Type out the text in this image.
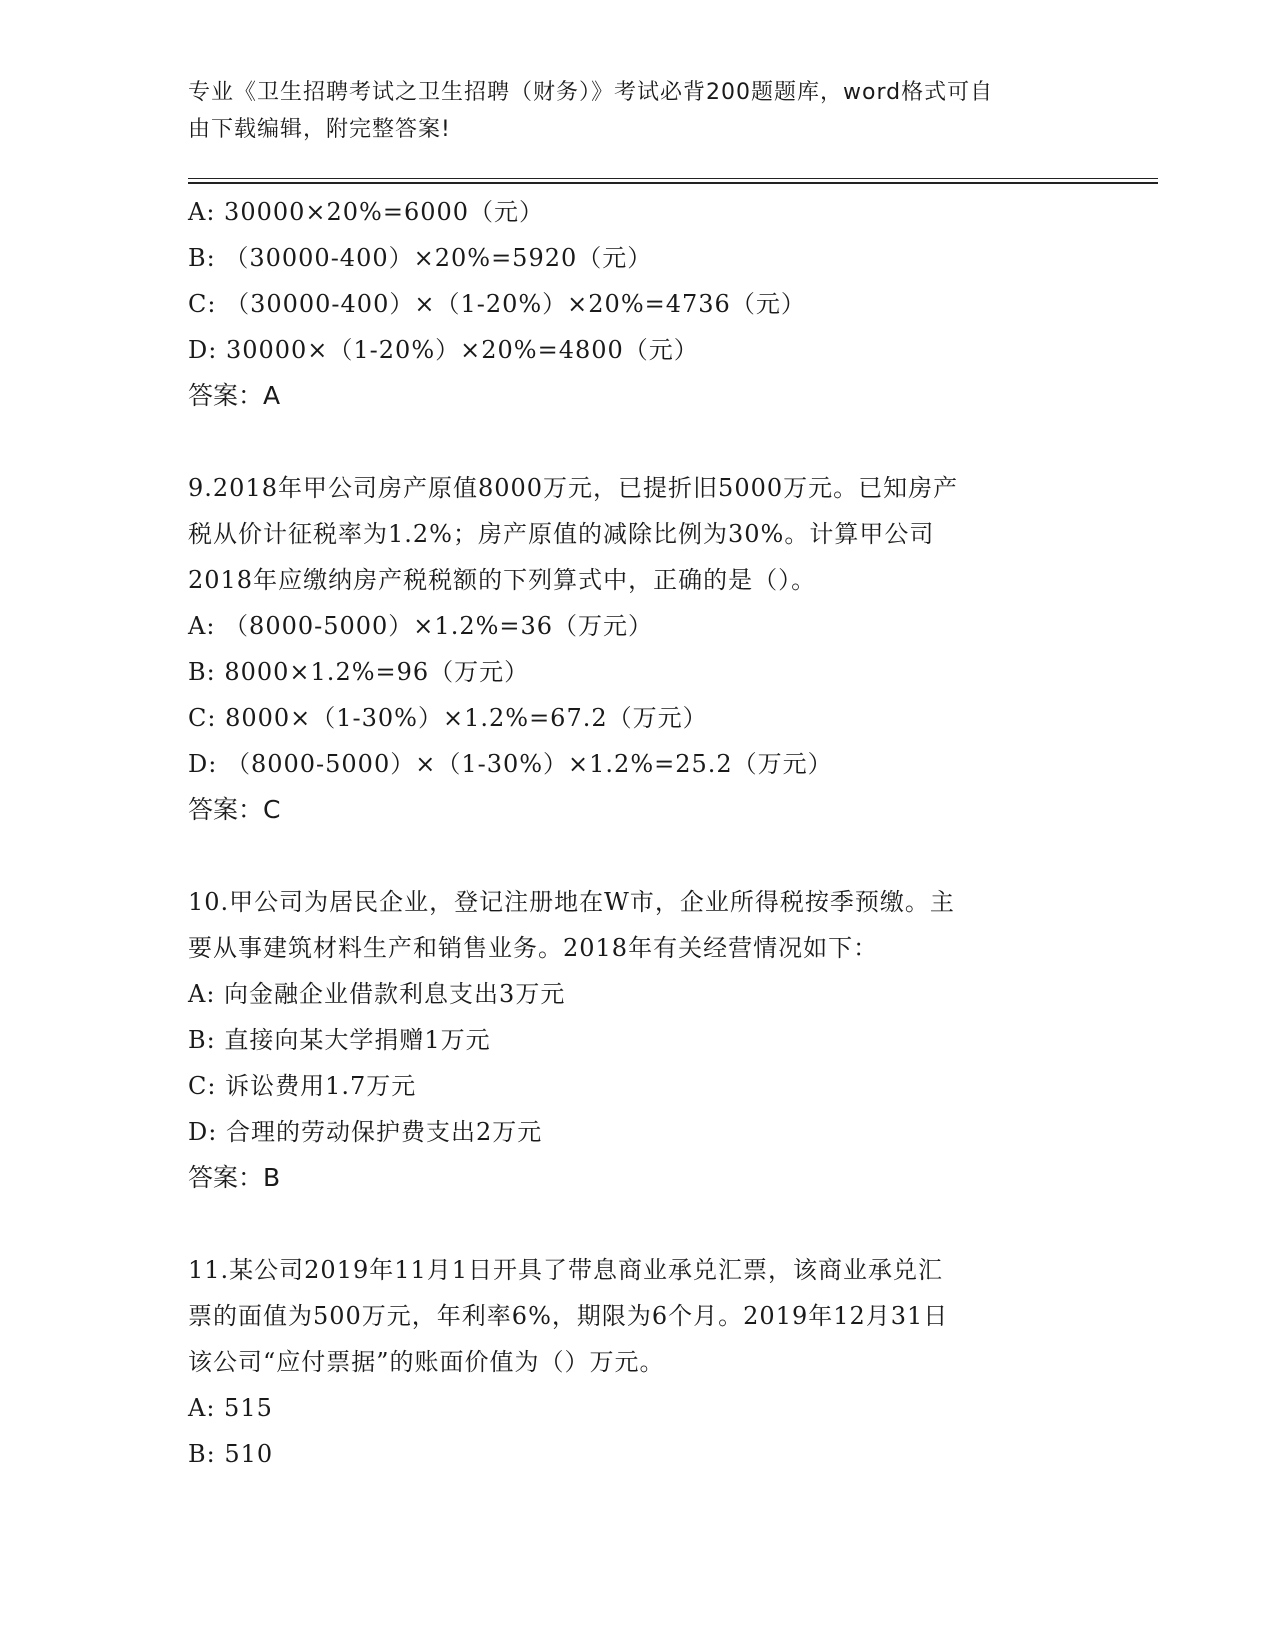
专业《卫生招聘考试之卫生招聘（财务）》考试必背200题题库，word格式可自
由下载编辑，附完整答案!
A: 30000×20%=6000（元）
B: （30000-400）×20%=5920（元）
C: （30000-400）×（1-20%）×20%=4736（元）
D: 30000×（1-20%）×20%=4800（元）
答案：A
9.2018年甲公司房产原值8000万元，已提折旧5000万元。已知房产
税从价计征税率为1.2%；房产原值的减除比例为30%。计算甲公司
2018年应缴纳房产税税额的下列算式中，正确的是（）。
A: （8000-5000）×1.2%=36（万元）
B: 8000×1.2%=96（万元）
C: 8000×（1-30%）×1.2%=67.2（万元）
D: （8000-5000）×（1-30%）×1.2%=25.2（万元）
答案：C
10.甲公司为居民企业，登记注册地在W市，企业所得税按季预缴。主
要从事建筑材料生产和销售业务。2018年有关经营情况如下：
A: 向金融企业借款利息支出3万元
B: 直接向某大学捐赠1万元
C: 诉讼费用1.7万元
D: 合理的劳动保护费支出2万元
答案：B
11.某公司2019年11月1日开具了带息商业承兑汇票，该商业承兑汇
票的面值为500万元，年利率6%，期限为6个月。2019年12月31日
该公司“应付票据”的账面价值为（）万元。
A: 515
B: 510
